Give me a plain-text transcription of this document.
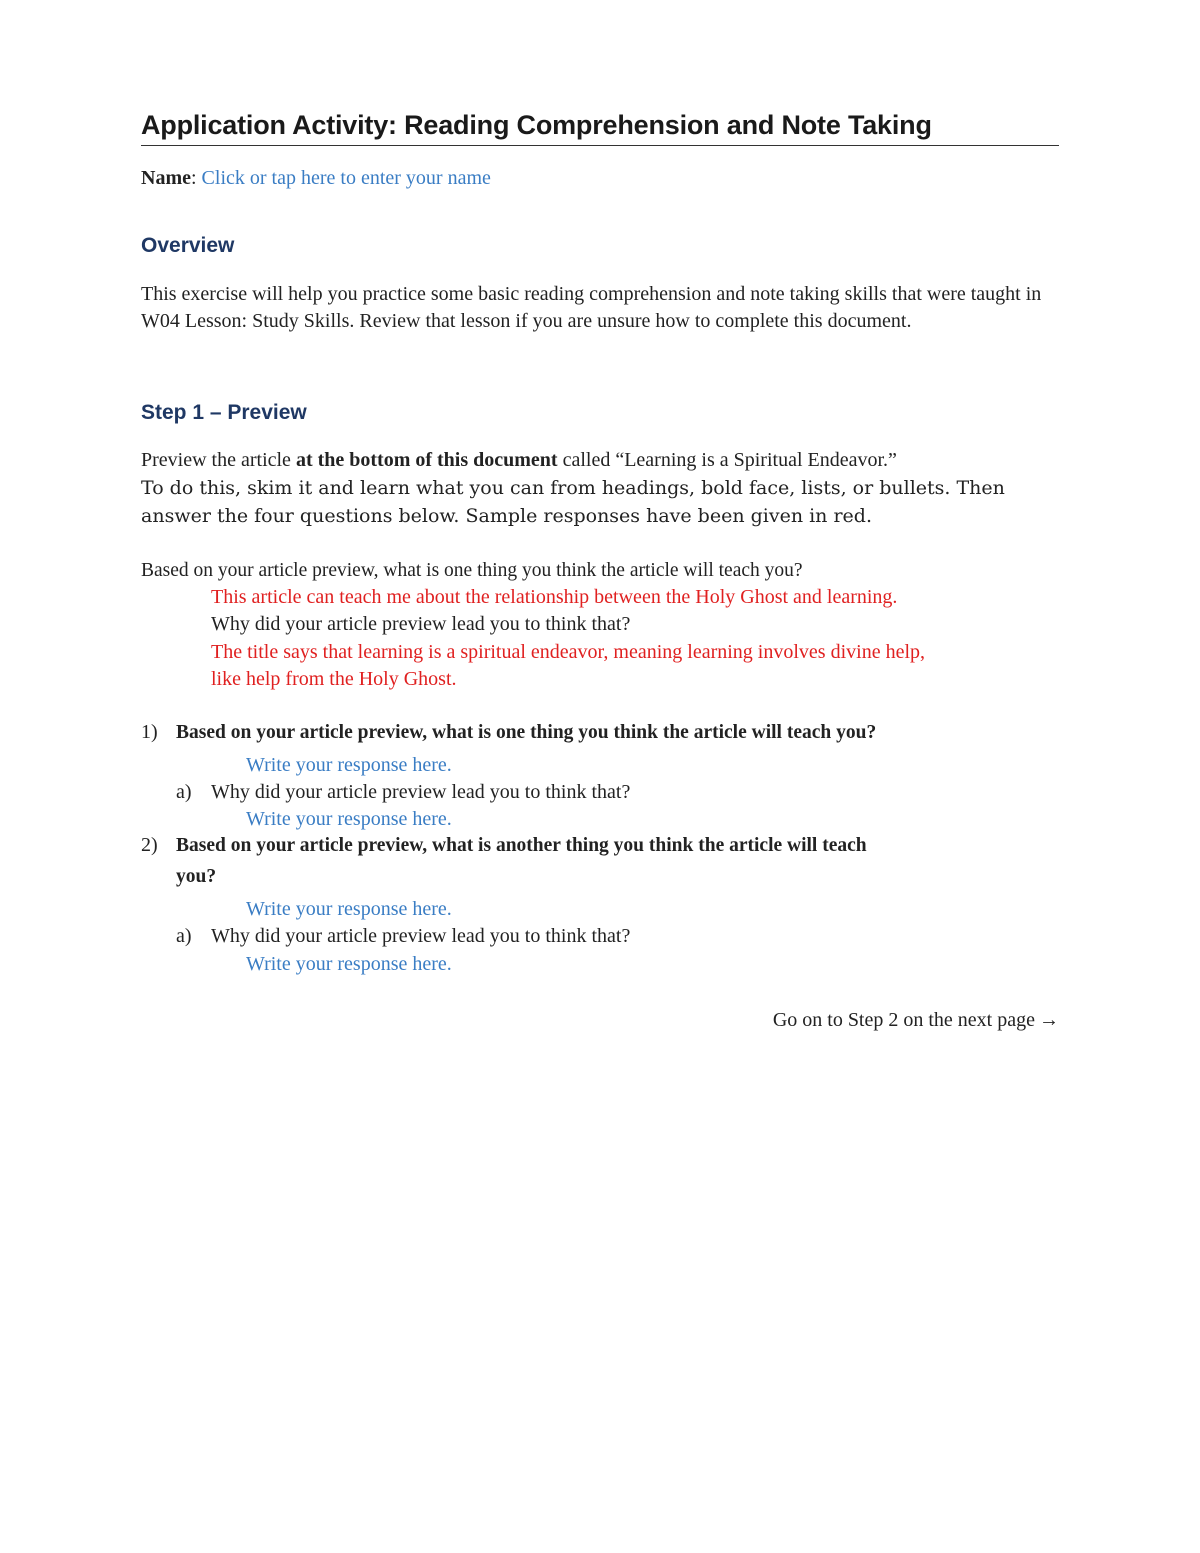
Application Activity: Reading Comprehension and Note Taking
Name: Click or tap here to enter your name
Overview
This exercise will help you practice some basic reading comprehension and note taking skills that were taught in W04 Lesson: Study Skills. Review that lesson if you are unsure how to complete this document.
Step 1 – Preview
Preview the article at the bottom of this document called “Learning is a Spiritual Endeavor.”
To do this, skim it and learn what you can from headings, bold face, lists, or bullets. Then answer the four questions below. Sample responses have been given in red.
Based on your article preview, what is one thing you think the article will teach you?
This article can teach me about the relationship between the Holy Ghost and learning.
Why did your article preview lead you to think that?
The title says that learning is a spiritual endeavor, meaning learning involves divine help,
like help from the Holy Ghost.
1) Based on your article preview, what is one thing you think the article will teach you?
Write your response here.
a) Why did your article preview lead you to think that?
Write your response here.
2) Based on your article preview, what is another thing you think the article will teach
you?
Write your response here.
a) Why did your article preview lead you to think that?
Write your response here.
Go on to Step 2 on the next page →
